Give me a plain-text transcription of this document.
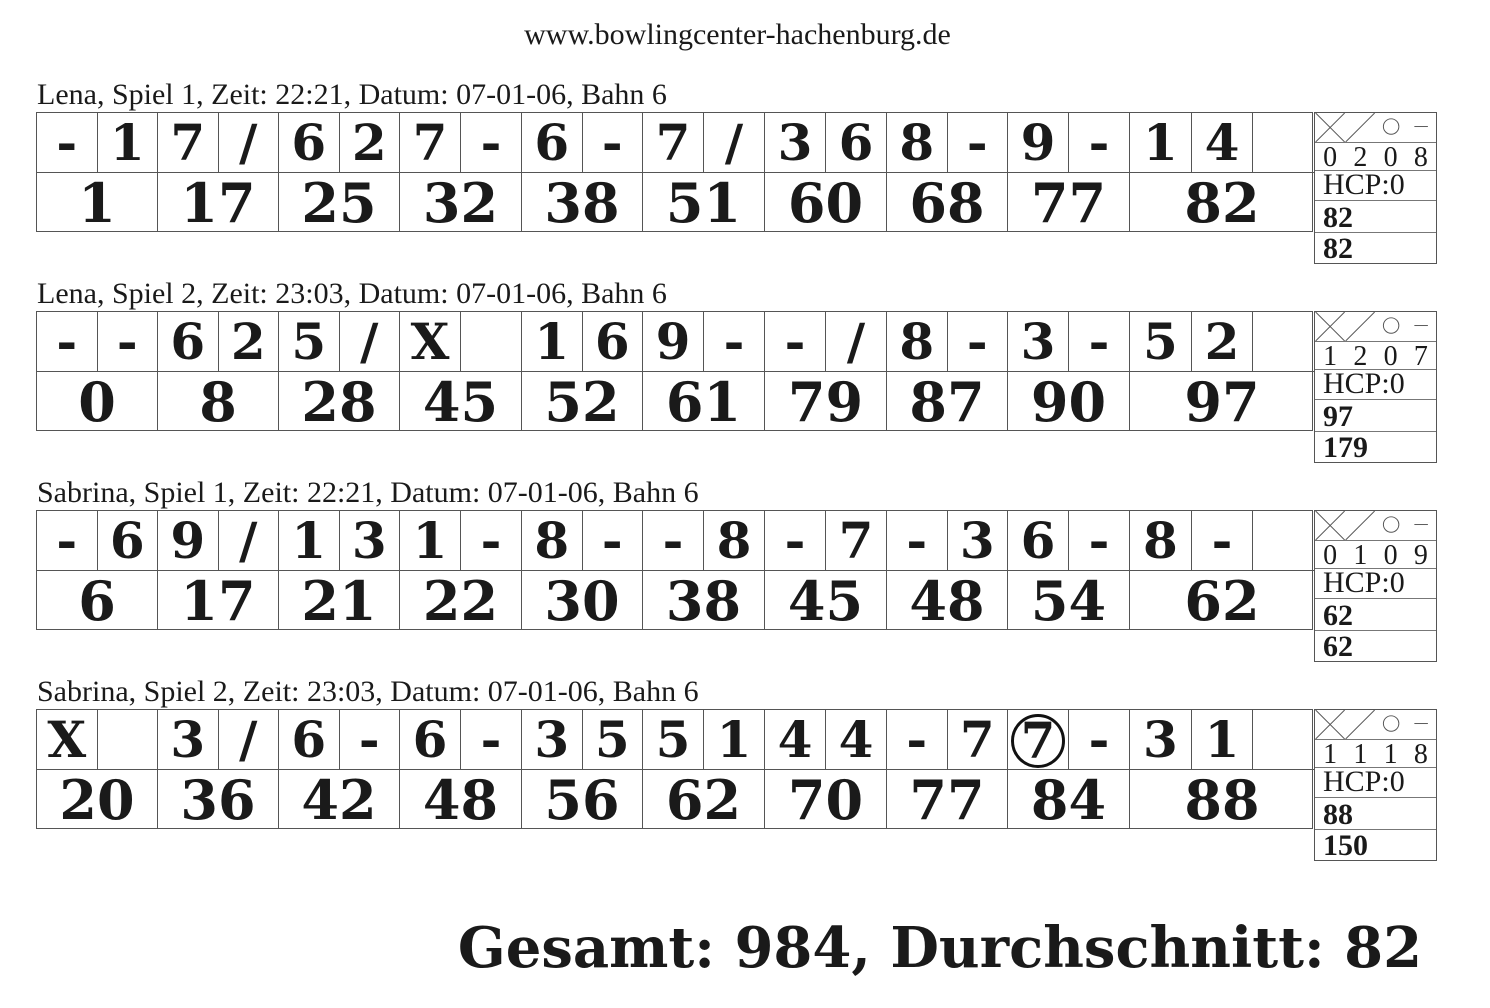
www.bowlingcenter-hachenburg.de
Lena, Spiel 1, Zeit: 22:21, Datum: 07-01-06, Bahn 6
- 1
1
7 /
17
6 2
25
7 -
32
6 -
38
7 /
51
3 6
60
8 -
68
9 -
77
1 4
82
0 2 0 8
HCP:0
82
82
Lena, Spiel 2, Zeit: 23:03, Datum: 07-01-06, Bahn 6
- -
0
6 2
8
5 /
28
X
45
1 6
52
9 -
61
- /
79
8 -
87
3 -
90
5 2
97
1 2 0 7
HCP:0
97
179
Sabrina, Spiel 1, Zeit: 22:21, Datum: 07-01-06, Bahn 6
- 6
6
9 /
17
1 3
21
1 -
22
8 -
30
- 8
38
- 7
45
- 3
48
6 -
54
8 -
62
0 1 0 9
HCP:0
62
62
Sabrina, Spiel 2, Zeit: 23:03, Datum: 07-01-06, Bahn 6
X
20
3 /
36
6 -
42
6 -
48
3 5
56
5 1
62
4 4
70
- 7
77
7 -
84
3 1
88
1 1 1 8
HCP:0
88
150
Gesamt: 984, Durchschnitt: 82
